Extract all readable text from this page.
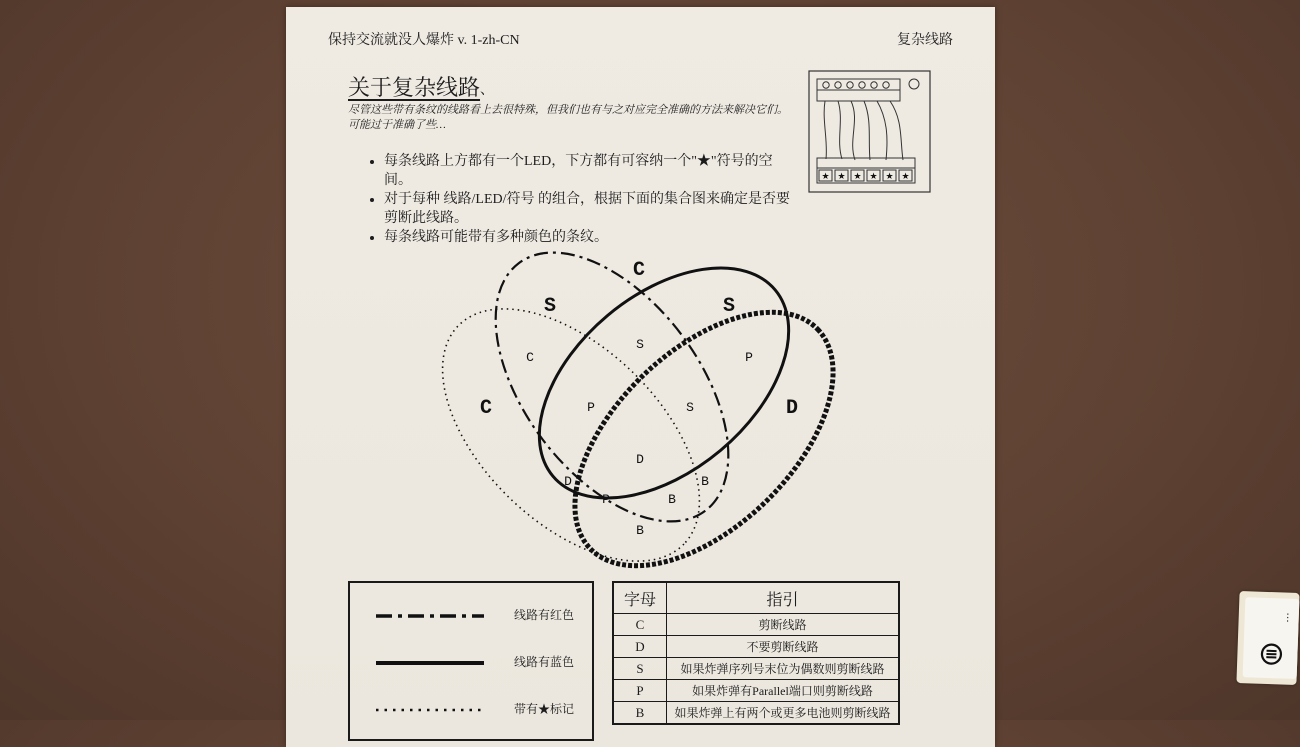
保持交流就没人爆炸 v. 1-zh-CN	复杂线路
关于复杂线路 、
尽管这些带有条纹的线路看上去很特殊，但我们也有与之对应完全准确的方法来解决它们。可能过于准确了些…
• 每条线路上方都有一个LED，下方都有可容纳一个"★"符号的空间。
• 对于每种 线路/LED/符号 的组合，根据下面的集合图来确定是否要剪断此线路。
• 每条线路可能带有多种颜色的条纹。
★ ★ ★ ★ ★ ★
C
S	S
D
C
C
S
P
P	S
D
D
P
B
B
B
线路有红色
线路有蓝色
带有★标记
字母	指引
C	剪断线路
D	不要剪断线路
S	如果炸弹序列号末位为偶数则剪断线路
P	如果炸弹有Parallel端口则剪断线路
B	如果炸弹上有两个或更多电池则剪断线路
⋮
